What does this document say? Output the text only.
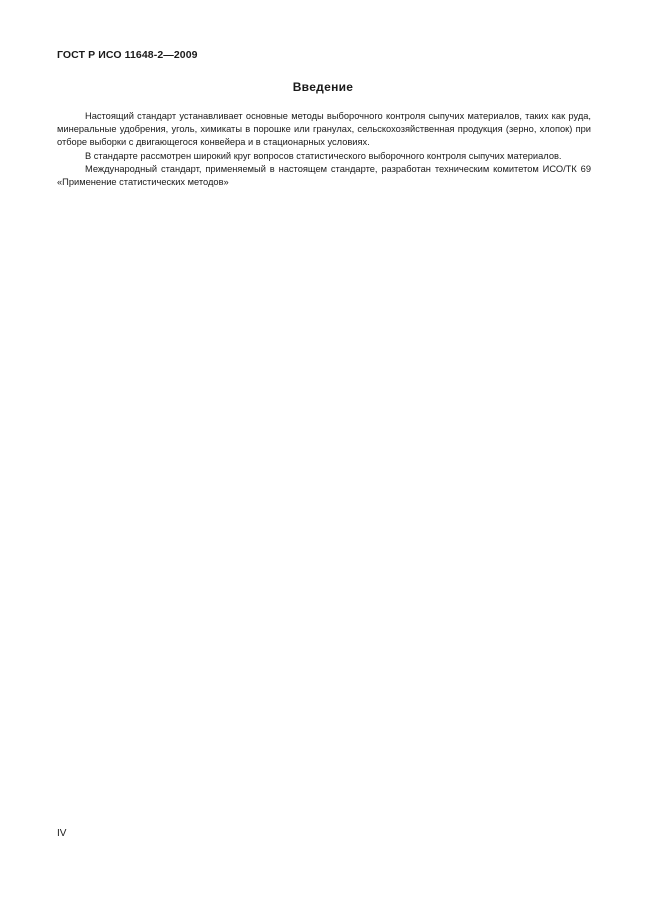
ГОСТ Р ИСО 11648-2—2009
Введение

Настоящий стандарт устанавливает основные методы выборочного контроля сыпучих материалов, таких как руда, минеральные удобрения, уголь, химикаты в порошке или гранулах, сельскохозяйственная продукция (зерно, хлопок) при отборе выборки с двигающегося конвейера и в стационарных условиях.

В стандарте рассмотрен широкий круг вопросов статистического выборочного контроля сыпучих материалов.

Международный стандарт, применяемый в настоящем стандарте, разработан техническим комитетом ИСО/ТК 69 «Применение статистических методов»

IV
